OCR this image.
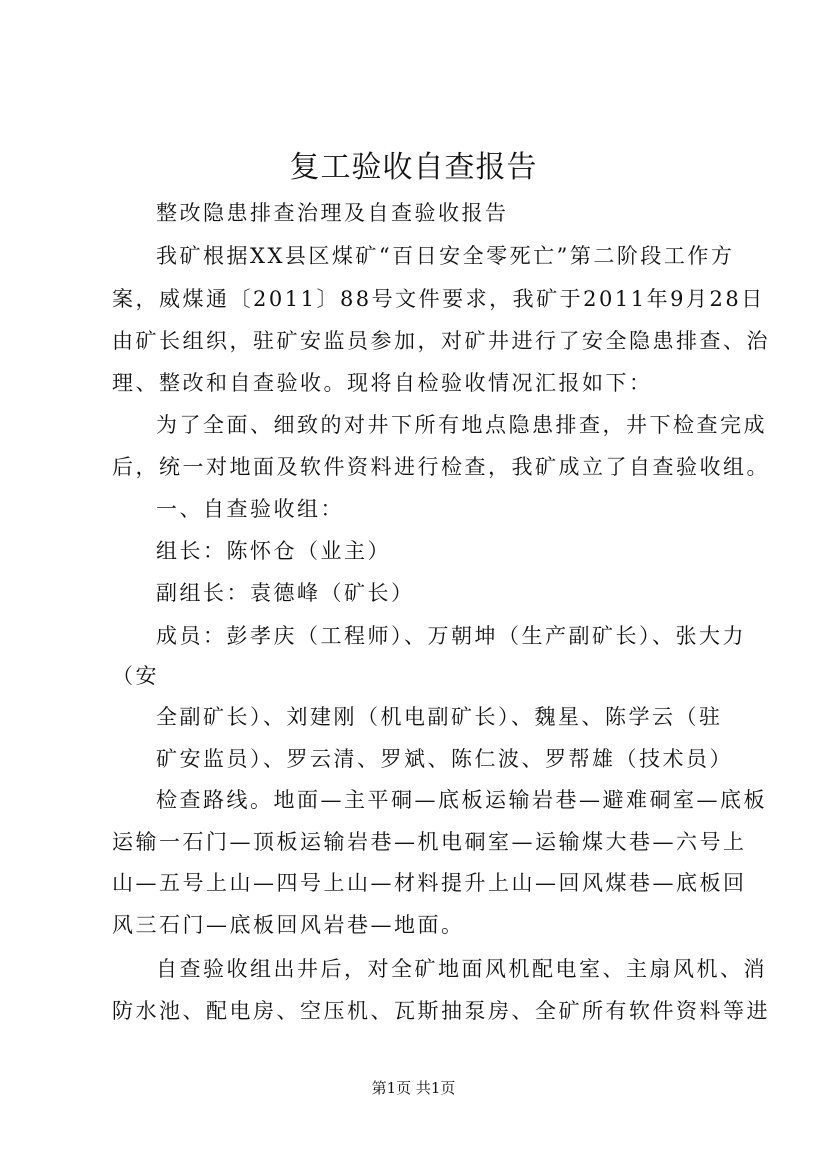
复工验收自查报告
整改隐患排查治理及自查验收报告
我矿根据XX县区煤矿“百日安全零死亡”第二阶段工作方
案，威煤通〔2011〕88号文件要求，我矿于2011年9月28日
由矿长组织，驻矿安监员参加，对矿井进行了安全隐患排查、治
理、整改和自查验收。现将自检验收情况汇报如下：
为了全面、细致的对井下所有地点隐患排查，井下检查完成
后，统一对地面及软件资料进行检查，我矿成立了自查验收组。
一、自查验收组：
组长：陈怀仓（业主）
副组长：袁德峰（矿长）
成员：彭孝庆（工程师）、万朝坤（生产副矿长）、张大力
（安
全副矿长）、刘建刚（机电副矿长）、魏星、陈学云（驻
矿安监员）、罗云清、罗斌、陈仁波、罗帮雄（技术员）
检查路线。地面—主平硐—底板运输岩巷—避难硐室—底板
运输一石门—顶板运输岩巷—机电硐室—运输煤大巷—六号上
山—五号上山—四号上山—材料提升上山—回风煤巷—底板回
风三石门—底板回风岩巷—地面。
自查验收组出井后，对全矿地面风机配电室、主扇风机、消
防水池、配电房、空压机、瓦斯抽泵房、全矿所有软件资料等进
第1页 共1页
